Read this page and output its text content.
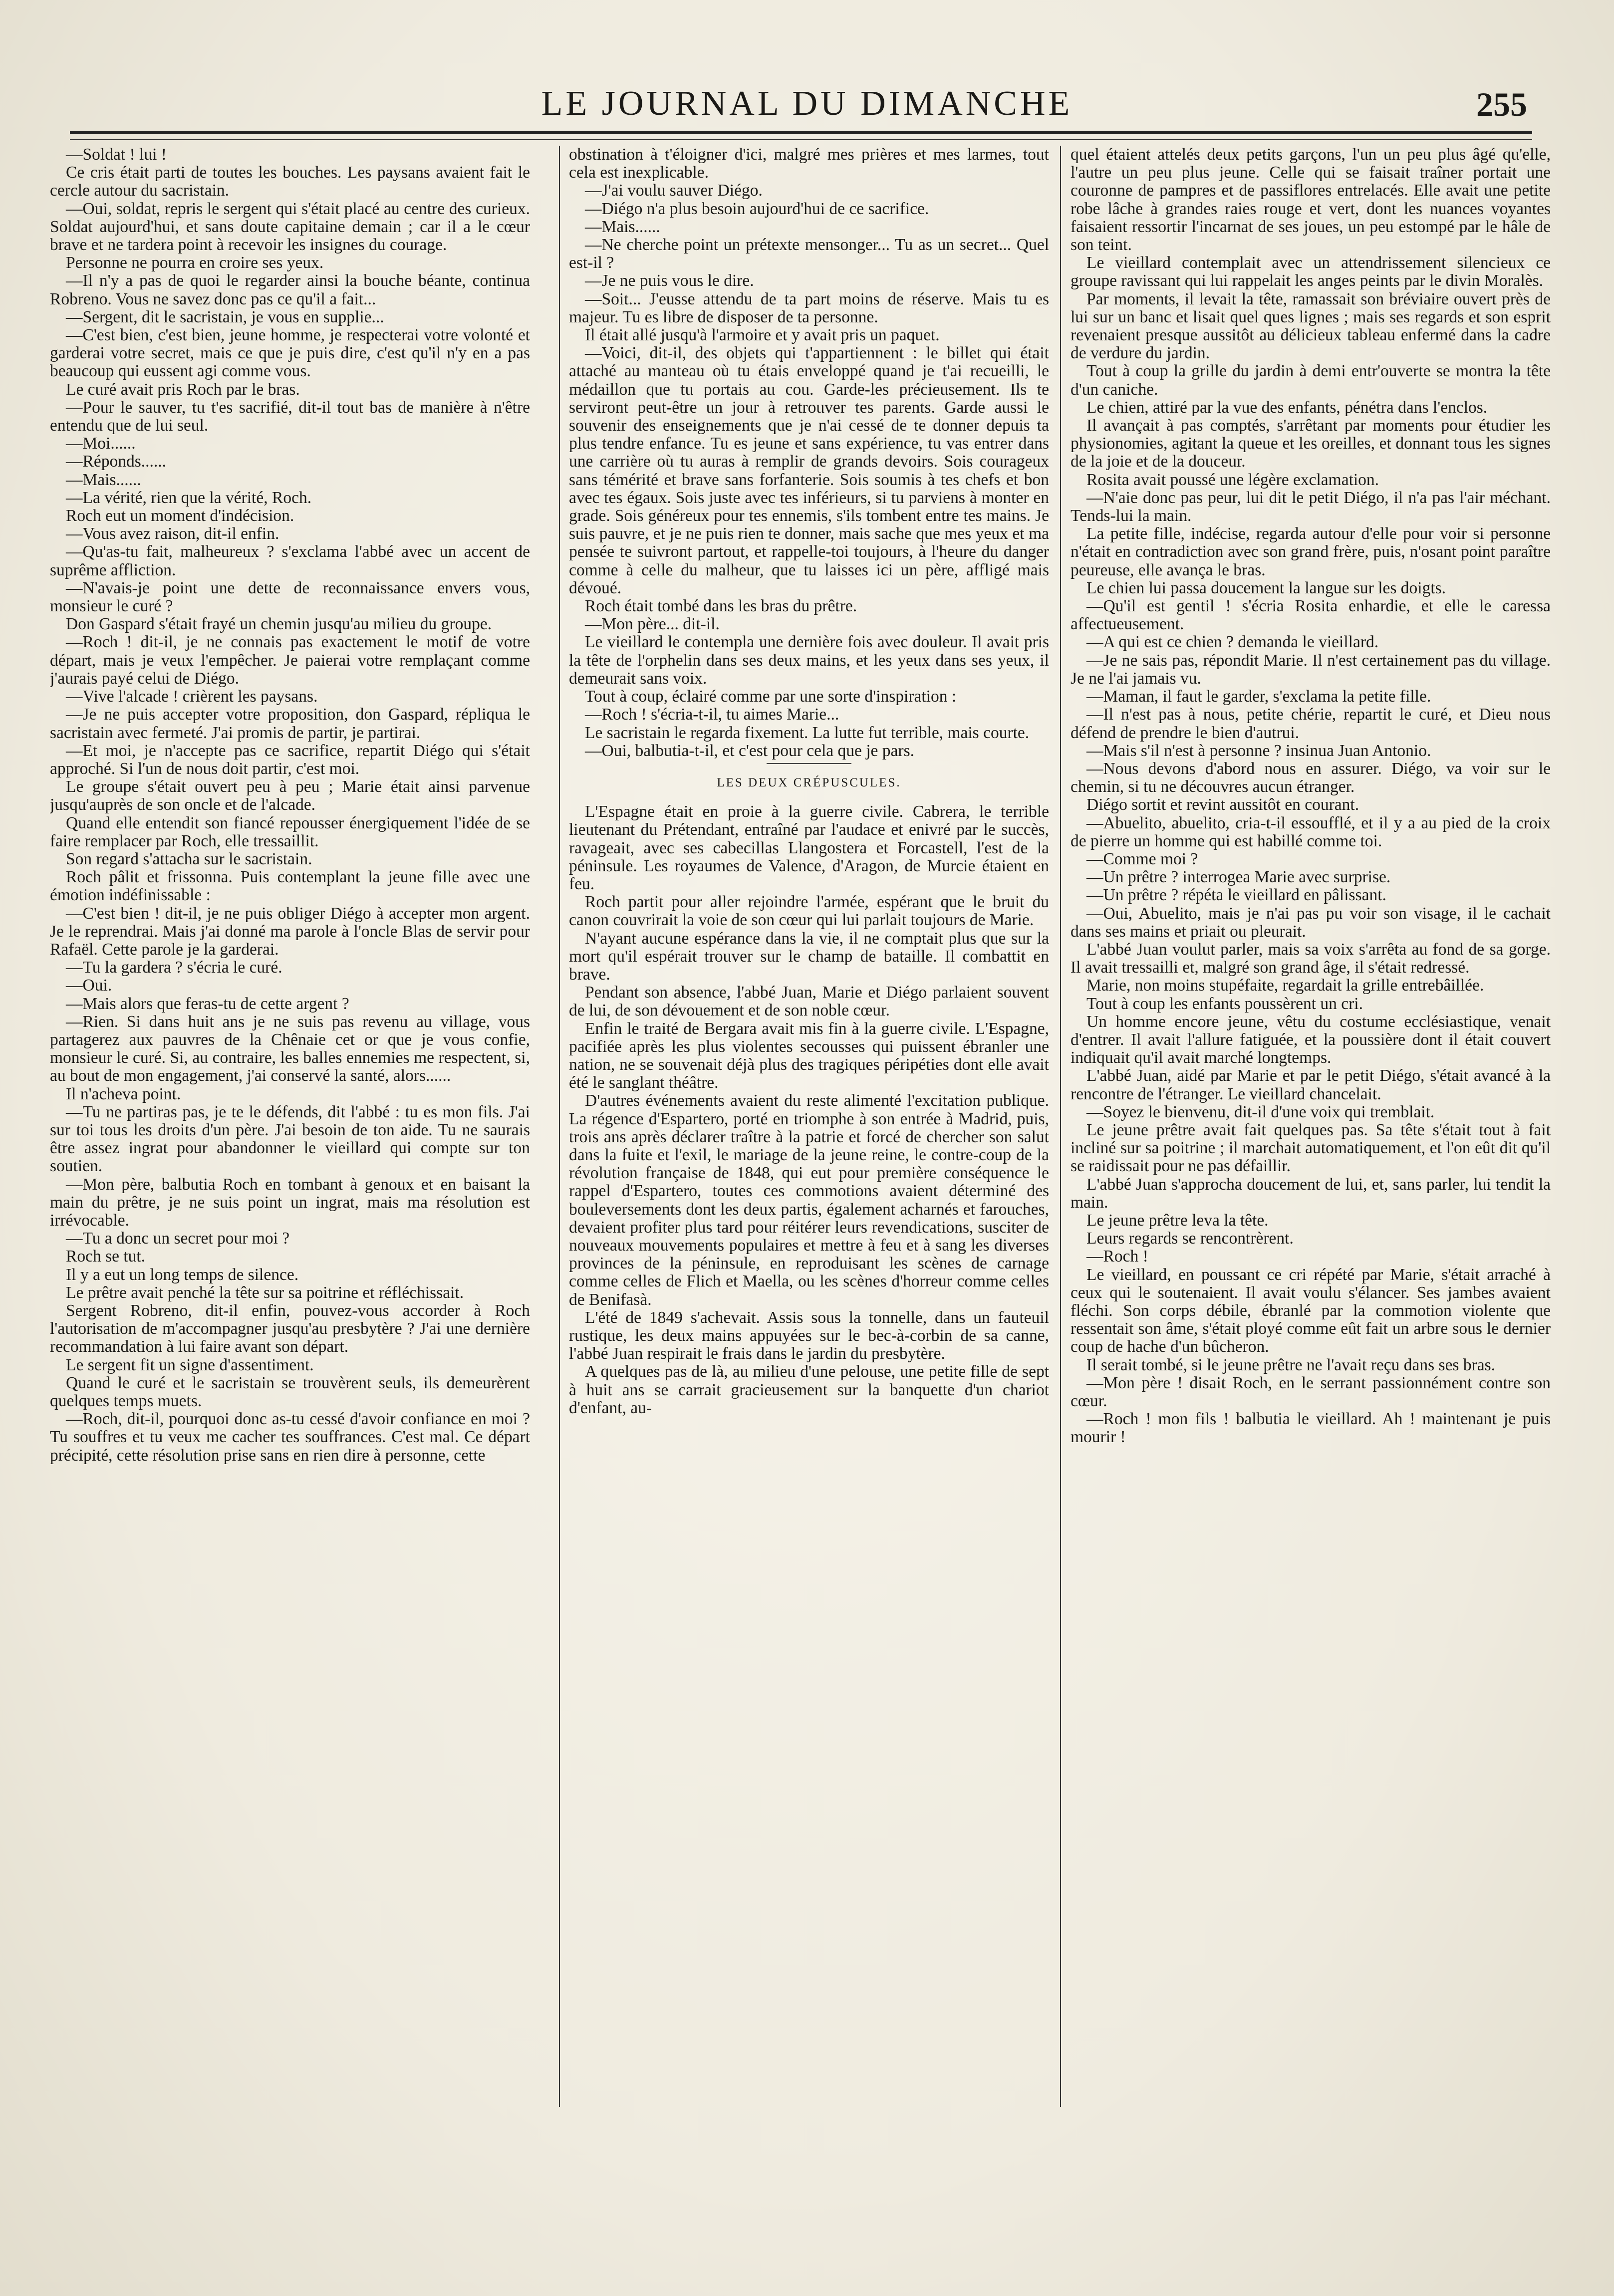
LE JOURNAL DU DIMANCHE	255

—Soldat ! lui !

Ce cris était parti de toutes les bouches. Les paysans avaient fait le cercle autour du sacristain.

—Oui, soldat, repris le sergent qui s'était placé au centre des curieux. Soldat aujourd'hui, et sans doute capitaine demain ; car il a le cœur brave et ne tardera point à recevoir les insignes du courage.

Personne ne pourra en croire ses yeux.

—Il n'y a pas de quoi le regarder ainsi la bouche béante, continua Robreno. Vous ne savez donc pas ce qu'il a fait...

—Sergent, dit le sacristain, je vous en supplie...

—C'est bien, c'est bien, jeune homme, je respecterai votre volonté et garderai votre secret, mais ce que je puis dire, c'est qu'il n'y en a pas beaucoup qui eussent agi comme vous.

Le curé avait pris Roch par le bras.

—Pour le sauver, tu t'es sacrifié, dit-il tout bas de manière à n'être entendu que de lui seul.

—Moi......

—Réponds......

—Mais......

—La vérité, rien que la vérité, Roch.

Roch eut un moment d'indécision.

—Vous avez raison, dit-il enfin.

—Qu'as-tu fait, malheureux ? s'exclama l'abbé avec un accent de suprême affliction.

—N'avais-je point une dette de reconnaissance envers vous, monsieur le curé ?

Don Gaspard s'était frayé un chemin jusqu'au milieu du groupe.

—Roch ! dit-il, je ne connais pas exactement le motif de votre départ, mais je veux l'empêcher. Je paierai votre remplaçant comme j'aurais payé celui de Diégo.

—Vive l'alcade ! crièrent les paysans.

—Je ne puis accepter votre proposition, don Gaspard, répliqua le sacristain avec fermeté. J'ai promis de partir, je partirai.

—Et moi, je n'accepte pas ce sacrifice, repartit Diégo qui s'était approché. Si l'un de nous doit partir, c'est moi.

Le groupe s'était ouvert peu à peu ; Marie était ainsi parvenue jusqu'auprès de son oncle et de l'alcade.

Quand elle entendit son fiancé repousser énergiquement l'idée de se faire remplacer par Roch, elle tressaillit.

Son regard s'attacha sur le sacristain.

Roch pâlit et frissonna. Puis contemplant la jeune fille avec une émotion indéfinissable :

—C'est bien ! dit-il, je ne puis obliger Diégo à accepter mon argent. Je le reprendrai. Mais j'ai donné ma parole à l'oncle Blas de servir pour Rafaël. Cette parole je la garderai.

—Tu la gardera ? s'écria le curé.

—Oui.

—Mais alors que feras-tu de cette argent ?

—Rien. Si dans huit ans je ne suis pas revenu au village, vous partagerez aux pauvres de la Chênaie cet or que je vous confie, monsieur le curé. Si, au contraire, les balles ennemies me respectent, si, au bout de mon engagement, j'ai conservé la santé, alors......

Il n'acheva point.

—Tu ne partiras pas, je te le défends, dit l'abbé : tu es mon fils. J'ai sur toi tous les droits d'un père. J'ai besoin de ton aide. Tu ne saurais être assez ingrat pour abandonner le vieillard qui compte sur ton soutien.

—Mon père, balbutia Roch en tombant à genoux et en baisant la main du prêtre, je ne suis point un ingrat, mais ma résolution est irrévocable.

—Tu a donc un secret pour moi ?

Roch se tut.

Il y a eut un long temps de silence.

Le prêtre avait penché la tête sur sa poitrine et réfléchissait.

Sergent Robreno, dit-il enfin, pouvez-vous accorder à Roch l'autorisation de m'accompagner jusqu'au presbytère ? J'ai une dernière recommandation à lui faire avant son départ.

Le sergent fit un signe d'assentiment.

Quand le curé et le sacristain se trouvèrent seuls, ils demeurèrent quelques temps muets.

—Roch, dit-il, pourquoi donc as-tu cessé d'avoir confiance en moi ? Tu souffres et tu veux me cacher tes souffrances. C'est mal. Ce départ précipité, cette résolution prise sans en rien dire à personne, cette

obstination à t'éloigner d'ici, malgré mes prières et mes larmes, tout cela est inexplicable.

—J'ai voulu sauver Diégo.

—Diégo n'a plus besoin aujourd'hui de ce sacrifice.

—Mais......

—Ne cherche point un prétexte mensonger... Tu as un secret... Quel est-il ?

—Je ne puis vous le dire.

—Soit... J'eusse attendu de ta part moins de réserve. Mais tu es majeur. Tu es libre de disposer de ta personne.

Il était allé jusqu'à l'armoire et y avait pris un paquet.

—Voici, dit-il, des objets qui t'appartiennent : le billet qui était attaché au manteau où tu étais enveloppé quand je t'ai recueilli, le médaillon que tu portais au cou. Garde-les précieusement. Ils te serviront peut-être un jour à retrouver tes parents. Garde aussi le souvenir des enseignements que je n'ai cessé de te donner depuis ta plus tendre enfance. Tu es jeune et sans expérience, tu vas entrer dans une carrière où tu auras à remplir de grands devoirs. Sois courageux sans témérité et brave sans forfanterie. Sois soumis à tes chefs et bon avec tes égaux. Sois juste avec tes inférieurs, si tu parviens à monter en grade. Sois généreux pour tes ennemis, s'ils tombent entre tes mains. Je suis pauvre, et je ne puis rien te donner, mais sache que mes yeux et ma pensée te suivront partout, et rappelle-toi toujours, à l'heure du danger comme à celle du malheur, que tu laisses ici un père, affligé mais dévoué.

Roch était tombé dans les bras du prêtre.

—Mon père... dit-il.

Le vieillard le contempla une dernière fois avec douleur. Il avait pris la tête de l'orphelin dans ses deux mains, et les yeux dans ses yeux, il demeurait sans voix.

Tout à coup, éclairé comme par une sorte d'inspiration :

—Roch ! s'écria-t-il, tu aimes Marie...

Le sacristain le regarda fixement. La lutte fut terrible, mais courte.

—Oui, balbutia-t-il, et c'est pour cela que je pars.

LES DEUX CRÉPUSCULES.

L'Espagne était en proie à la guerre civile. Cabrera, le terrible lieutenant du Prétendant, entraîné par l'audace et enivré par le succès, ravageait, avec ses cabecillas Llangostera et Forcastell, l'est de la péninsule. Les royaumes de Valence, d'Aragon, de Murcie étaient en feu.

Roch partit pour aller rejoindre l'armée, espérant que le bruit du canon couvrirait la voie de son cœur qui lui parlait toujours de Marie.

N'ayant aucune espérance dans la vie, il ne comptait plus que sur la mort qu'il espérait trouver sur le champ de bataille. Il combattit en brave.

Pendant son absence, l'abbé Juan, Marie et Diégo parlaient souvent de lui, de son dévouement et de son noble cœur.

Enfin le traité de Bergara avait mis fin à la guerre civile. L'Espagne, pacifiée après les plus violentes secousses qui puissent ébranler une nation, ne se souvenait déjà plus des tragiques péripéties dont elle avait été le sanglant théâtre.

D'autres événements avaient du reste alimenté l'excitation publique. La régence d'Espartero, porté en triomphe à son entrée à Madrid, puis, trois ans après déclarer traître à la patrie et forcé de chercher son salut dans la fuite et l'exil, le mariage de la jeune reine, le contre-coup de la révolution française de 1848, qui eut pour première conséquence le rappel d'Espartero, toutes ces commotions avaient déterminé des bouleversements dont les deux partis, également acharnés et farouches, devaient profiter plus tard pour réitérer leurs revendications, susciter de nouveaux mouvements populaires et mettre à feu et à sang les diverses provinces de la péninsule, en reproduisant les scènes de carnage comme celles de Flich et Maella, ou les scènes d'horreur comme celles de Benifasà.

L'été de 1849 s'achevait. Assis sous la tonnelle, dans un fauteuil rustique, les deux mains appuyées sur le bec-à-corbin de sa canne, l'abbé Juan respirait le frais dans le jardin du presbytère.

A quelques pas de là, au milieu d'une pelouse, une petite fille de sept à huit ans se carrait gracieusement sur la banquette d'un chariot d'enfant, au-

quel étaient attelés deux petits garçons, l'un un peu plus âgé qu'elle, l'autre un peu plus jeune. Celle qui se faisait traîner portait une couronne de pampres et de passiflores entrelacés. Elle avait une petite robe lâche à grandes raies rouge et vert, dont les nuances voyantes faisaient ressortir l'incarnat de ses joues, un peu estompé par le hâle de son teint.

Le vieillard contemplait avec un attendrissement silencieux ce groupe ravissant qui lui rappelait les anges peints par le divin Moralès.

Par moments, il levait la tête, ramassait son bréviaire ouvert près de lui sur un banc et lisait quel ques lignes ; mais ses regards et son esprit revenaient presque aussitôt au délicieux tableau enfermé dans la cadre de verdure du jardin.

Tout à coup la grille du jardin à demi entr'ouverte se montra la tête d'un caniche.

Le chien, attiré par la vue des enfants, pénétra dans l'enclos.

Il avançait à pas comptés, s'arrêtant par moments pour étudier les physionomies, agitant la queue et les oreilles, et donnant tous les signes de la joie et de la douceur.

Rosita avait poussé une légère exclamation.

—N'aie donc pas peur, lui dit le petit Diégo, il n'a pas l'air méchant. Tends-lui la main.

La petite fille, indécise, regarda autour d'elle pour voir si personne n'était en contradiction avec son grand frère, puis, n'osant point paraître peureuse, elle avança le bras.

Le chien lui passa doucement la langue sur les doigts.

—Qu'il est gentil ! s'écria Rosita enhardie, et elle le caressa affectueusement.

—A qui est ce chien ? demanda le vieillard.

—Je ne sais pas, répondit Marie. Il n'est certainement pas du village. Je ne l'ai jamais vu.

—Maman, il faut le garder, s'exclama la petite fille.

—Il n'est pas à nous, petite chérie, repartit le curé, et Dieu nous défend de prendre le bien d'autrui.

—Mais s'il n'est à personne ? insinua Juan Antonio.

—Nous devons d'abord nous en assurer. Diégo, va voir sur le chemin, si tu ne découvres aucun étranger.

Diégo sortit et revint aussitôt en courant.

—Abuelito, abuelito, cria-t-il essoufflé, et il y a au pied de la croix de pierre un homme qui est habillé comme toi.

—Comme moi ?

—Un prêtre ? interrogea Marie avec surprise.

—Un prêtre ? répéta le vieillard en pâlissant.

—Oui, Abuelito, mais je n'ai pas pu voir son visage, il le cachait dans ses mains et priait ou pleurait.

L'abbé Juan voulut parler, mais sa voix s'arrêta au fond de sa gorge. Il avait tressailli et, malgré son grand âge, il s'était redressé.

Marie, non moins stupéfaite, regardait la grille entrebâillée.

Tout à coup les enfants poussèrent un cri.

Un homme encore jeune, vêtu du costume ecclésiastique, venait d'entrer. Il avait l'allure fatiguée, et la poussière dont il était couvert indiquait qu'il avait marché longtemps.

L'abbé Juan, aidé par Marie et par le petit Diégo, s'était avancé à la rencontre de l'étranger. Le vieillard chancelait.

—Soyez le bienvenu, dit-il d'une voix qui tremblait.

Le jeune prêtre avait fait quelques pas. Sa tête s'était tout à fait incliné sur sa poitrine ; il marchait automatiquement, et l'on eût dit qu'il se raidissait pour ne pas défaillir.

L'abbé Juan s'approcha doucement de lui, et, sans parler, lui tendit la main.

Le jeune prêtre leva la tête.

Leurs regards se rencontrèrent.

—Roch !

Le vieillard, en poussant ce cri répété par Marie, s'était arraché à ceux qui le soutenaient. Il avait voulu s'élancer. Ses jambes avaient fléchi. Son corps débile, ébranlé par la commotion violente que ressentait son âme, s'était ployé comme eût fait un arbre sous le dernier coup de hache d'un bûcheron.

Il serait tombé, si le jeune prêtre ne l'avait reçu dans ses bras.

—Mon père ! disait Roch, en le serrant passionnément contre son cœur.

—Roch ! mon fils ! balbutia le vieillard. Ah ! maintenant je puis mourir !
